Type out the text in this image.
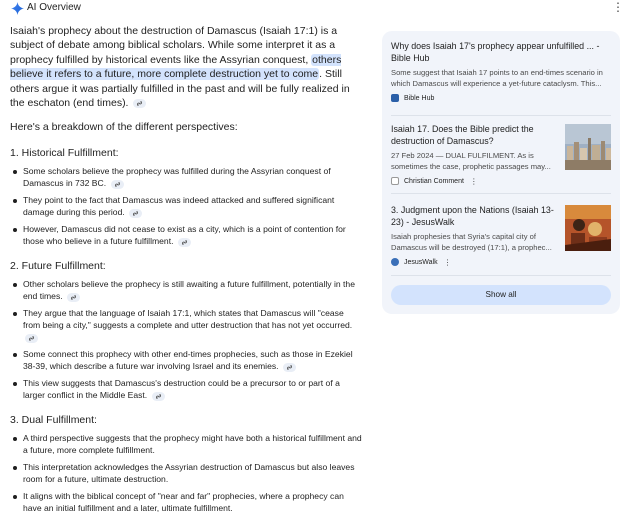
AI Overview	⋮

Isaiah's prophecy about the destruction of Damascus (Isaiah 17:1) is a subject of debate among biblical scholars. While some interpret it as a prophecy fulfilled by historical events like the Assyrian conquest, others believe it refers to a future, more complete destruction yet to come. Still others argue it was partially fulfilled in the past and will be fully realized in the eschaton (end times).

Here's a breakdown of the different perspectives:

1. Historical Fulfillment:

Some scholars believe the prophecy was fulfilled during the Assyrian conquest of Damascus in 732 BC.
They point to the fact that Damascus was indeed attacked and suffered significant damage during this period.
However, Damascus did not cease to exist as a city, which is a point of contention for those who believe in a future fulfillment.

2. Future Fulfillment:

Other scholars believe the prophecy is still awaiting a future fulfillment, potentially in the end times.
They argue that the language of Isaiah 17:1, which states that Damascus will "cease from being a city," suggests a complete and utter destruction that has not yet occurred.
Some connect this prophecy with other end-times prophecies, such as those in Ezekiel 38-39, which describe a future war involving Israel and its enemies.
This view suggests that Damascus's destruction could be a precursor to or part of a larger conflict in the Middle East.

3. Dual Fulfillment:

A third perspective suggests that the prophecy might have both a historical fulfillment and a future, more complete fulfillment.
This interpretation acknowledges the Assyrian destruction of Damascus but also leaves room for a future, ultimate destruction.
It aligns with the biblical concept of "near and far" prophecies, where a prophecy can have an initial fulfillment and a later, ultimate fulfillment.
Why does Isaiah 17's prophecy appear unfulfilled ... - Bible Hub
Some suggest that Isaiah 17 points to an end-times scenario in which Damascus will experience a yet-future cataclysm. This...
Bible Hub
Isaiah 17. Does the Bible predict the destruction of Damascus?
27 Feb 2024 — DUAL FULFILMENT. As is sometimes the case, prophetic passages may...
Christian Comment ⋮
3. Judgment upon the Nations (Isaiah 13-23) - JesusWalk
Isaiah prophesies that Syria's capital city of Damascus will be destroyed (17:1), a prophec...
JesusWalk ⋮
Show all
